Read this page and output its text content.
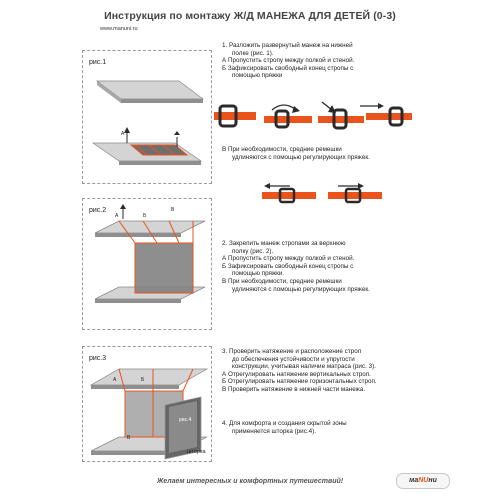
Инструкция по монтажу Ж/Д МАНЕЖА ДЛЯ ДЕТЕЙ (0-3)
www.manuni.ru
рис.1
А
рис.2
А	Б
В
рис.3
А	Б
В
рис.4
шторка

1. Разложить развернутый манеж на нижней

полке (рис. 1).

А Пропустить стропу между полкой и стеной.

Б Зафиксировать свободный конец стропы с

помощью пряжки

В При необходимости, средние ремешки

удлиняются с помощью регулирующих пряжек.

2. Закрепить манеж стропами за верхнюю

полку (рис. 2).

А Пропустить стропу между полкой и стеной.

Б Зафиксировать свободный конец стропы с

помощью пряжки.

В При необходимости, средние ремешки

удлиняются с помощью регулирующих пряжек.

3. Проверить натяжение и расположение строп

до обеспечения устойчивости и упругости

конструкции, учитывая наличие матраса (рис. 3).

А Отрегулировать натяжение вертикальных строп.

Б Отрегулировать натяжение горизонтальных строп.

В Проверить натяжение в нижней части манежа.

4. Для комфорта и создания скрытой зоны

применяется шторка (рис.4).

Желаем интересных и комфортных путешествий!	маNUни
